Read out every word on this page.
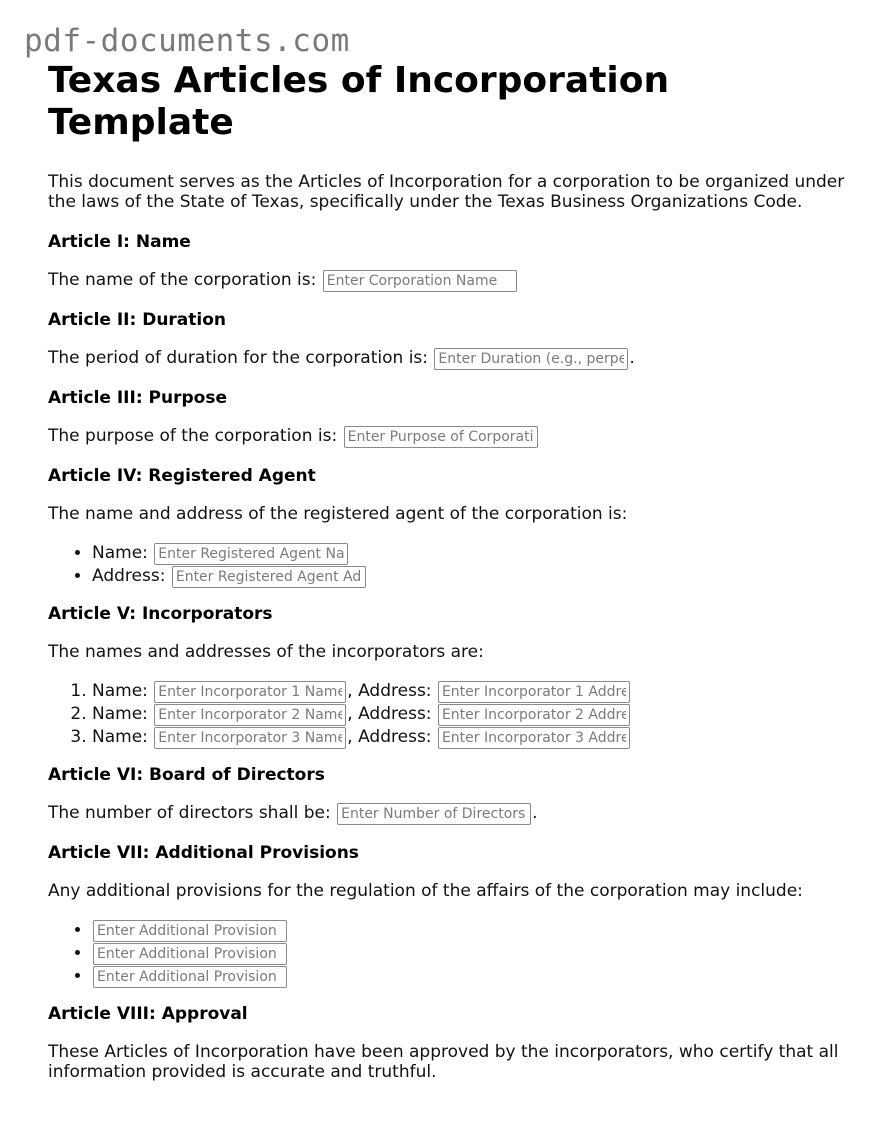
pdf-documents.com
Texas Articles of Incorporation Template

This document serves as the Articles of Incorporation for a corporation to be organized under the laws of the State of Texas, specifically under the Texas Business Organizations Code.

Article I: Name

The name of the corporation is: Enter Corporation Name

Article II: Duration

The period of duration for the corporation is: Enter Duration (e.g., perpetual)	.

Article III: Purpose

The purpose of the corporation is: Enter Purpose of Corporation

Article IV: Registered Agent

The name and address of the registered agent of the corporation is:

• Name: Enter Registered Agent Name
• Address: Enter Registered Agent Address
Article V: Incorporators

The names and addresses of the incorporators are:

1. Name: Enter Incorporator 1 Name	, Address: Enter Incorporator 1 Address
2. Name: Enter Incorporator 2 Name	, Address: Enter Incorporator 2 Address
3. Name: Enter Incorporator 3 Name	, Address: Enter Incorporator 3 Address
Article VI: Board of Directors

The number of directors shall be: Enter Number of Directors	.

Article VII: Additional Provisions

Any additional provisions for the regulation of the affairs of the corporation may include:

• Enter Additional Provision
• Enter Additional Provision
• Enter Additional Provision
Article VIII: Approval

These Articles of Incorporation have been approved by the incorporators, who certify that all information provided is accurate and truthful.
